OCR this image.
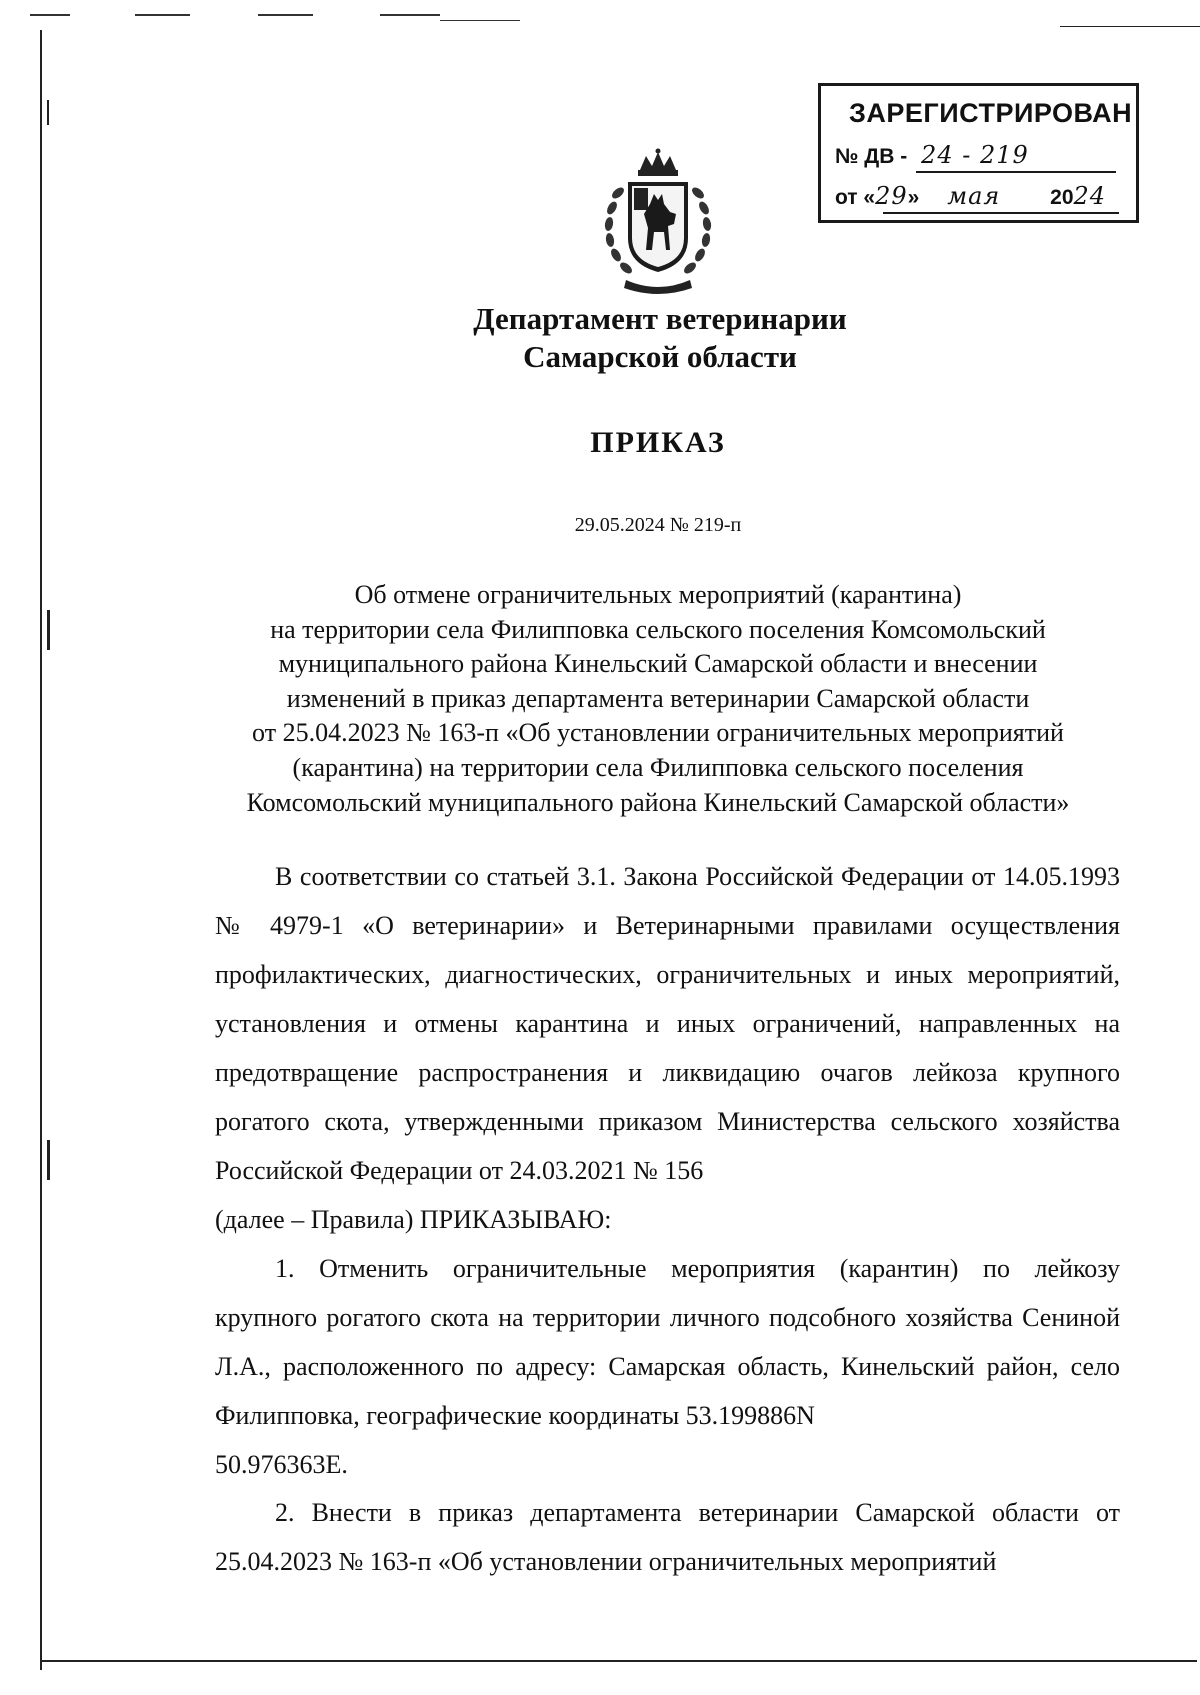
ЗАРЕГИСТРИРОВАН
№ ДВ - 24 - 219
от «29» мая 2024
Департамент ветеринарии
Самарской области
ПРИКАЗ
29.05.2024 № 219-п
Об отмене ограничительных мероприятий (карантина)
на территории села Филипповка сельского поселения Комсомольский
муниципального района Кинельский Самарской области и внесении
изменений в приказ департамента ветеринарии Самарской области
от 25.04.2023 № 163-п «Об установлении ограничительных мероприятий
(карантина) на территории села Филипповка сельского поселения
Комсомольский муниципального района Кинельский Самарской области»

В соответствии со статьей 3.1. Закона Российской Федерации от 14.05.1993 № 4979-1 «О ветеринарии» и Ветеринарными правилами осуществления профилактических, диагностических, ограничительных и иных мероприятий, установления и отмены карантина и иных ограничений, направленных на предотвращение распространения и ликвидацию очагов лейкоза крупного рогатого скота, утвержденными приказом Министерства сельского хозяйства Российской Федерации от 24.03.2021 № 156

(далее – Правила) ПРИКАЗЫВАЮ:

1. Отменить ограничительные мероприятия (карантин) по лейкозу крупного рогатого скота на территории личного подсобного хозяйства Сениной Л.А., расположенного по адресу: Самарская область, Кинельский район, село Филипповка, географические координаты 53.199886N

50.976363E.

2. Внести в приказ департамента ветеринарии Самарской области от 25.04.2023 № 163-п «Об установлении ограничительных мероприятий
